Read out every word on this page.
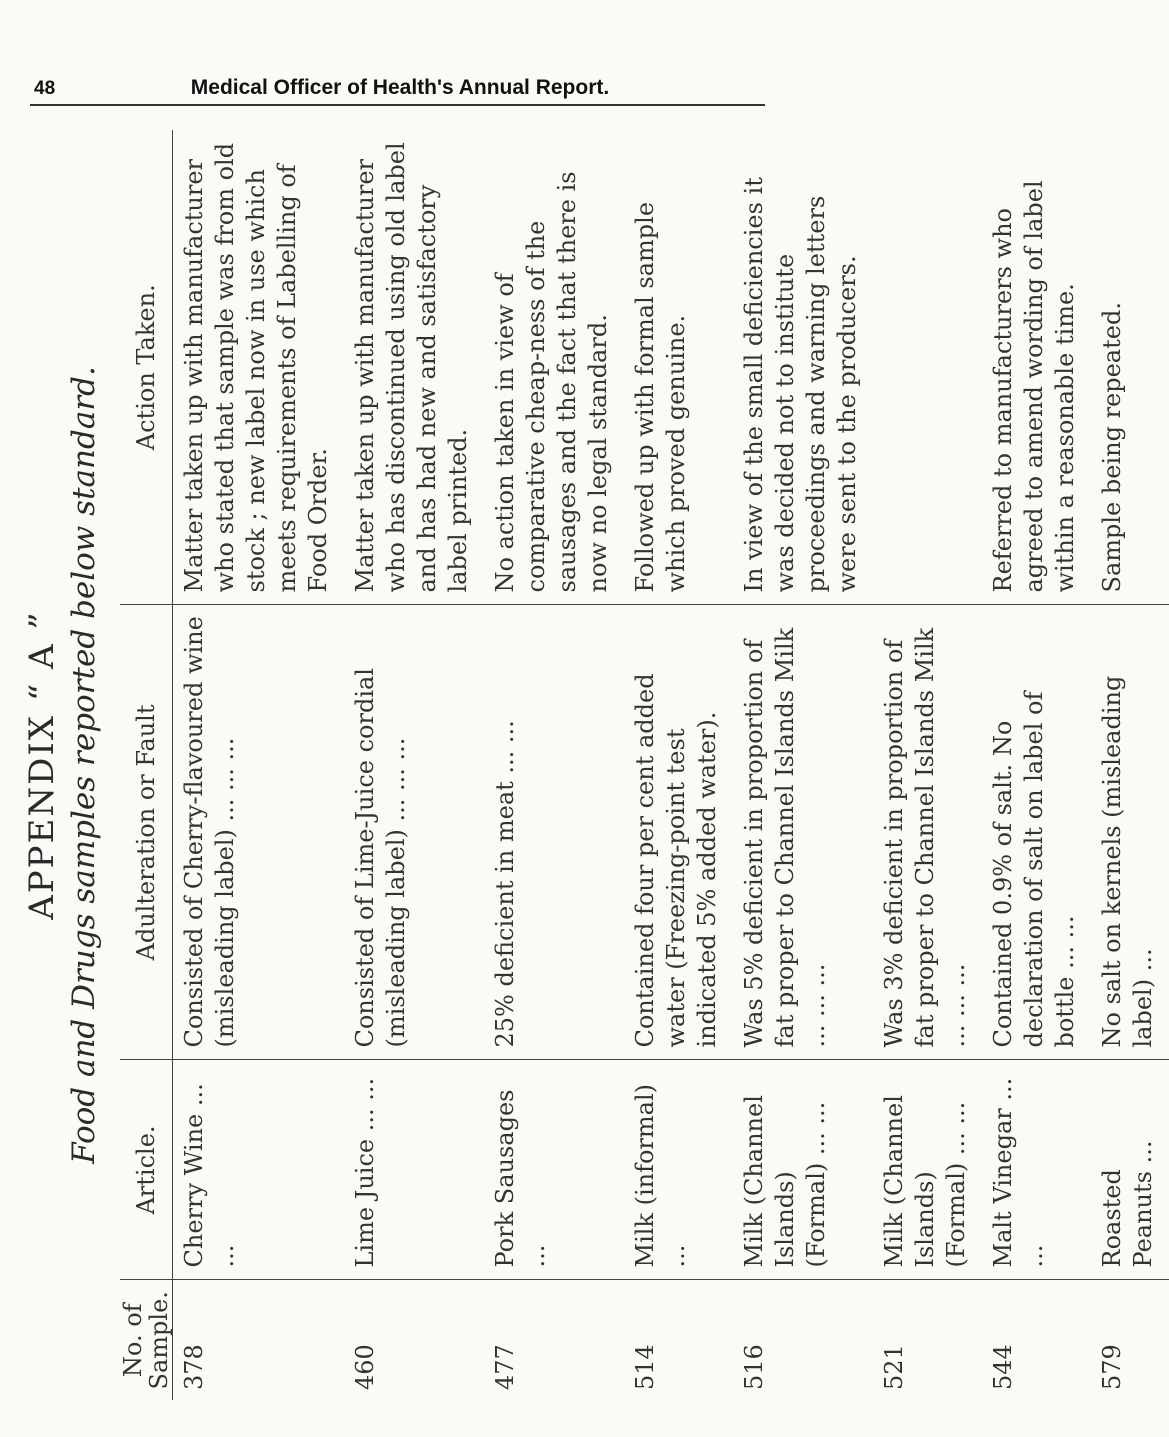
48	Medical Officer of Health's Annual Report.
APPENDIX “ A ” Food and Drugs samples reported below standard.
No. of
Sample.	Article.	Adulteration or Fault	Action Taken.
378	Cherry Wine ... ...	Consisted of Cherry-flavoured wine (misleading label) ... ... ...	Matter taken up with manufacturer who stated that sample was from old stock ; new label now in use which meets requirements of Labelling of Food Order.
460	Lime Juice ... ...	Consisted of Lime-Juice cordial (misleading label) ... ... ...	Matter taken up with manufacturer who has discontinued using old label and has had new and satisfactory label printed.
477	Pork Sausages ...	25% deficient in meat ... ...	No action taken in view of comparative cheap-ness of the sausages and the fact that there is now no legal standard.
514	Milk (informal) ...	Contained four per cent added water (Freezing-point test indicated 5% added water).	Followed up with formal sample which proved genuine.
516	Milk (Channel Islands) (Formal) ... ...	Was 5% deficient in proportion of fat proper to Channel Islands Milk ... ... ...	In view of the small deficiencies it was decided not to institute proceedings and warning letters were sent to the producers.
521	Milk (Channel Islands) (Formal) ... ...	Was 3% deficient in proportion of fat proper to Channel Islands Milk ... ... ...	
544	Malt Vinegar ... ...	Contained 0.9% of salt. No declaration of salt on label of bottle ... ...	Referred to manufacturers who agreed to amend wording of label within a reasonable time.
579	Roasted Peanuts ...	No salt on kernels (misleading label) ...	Sample being repeated.
